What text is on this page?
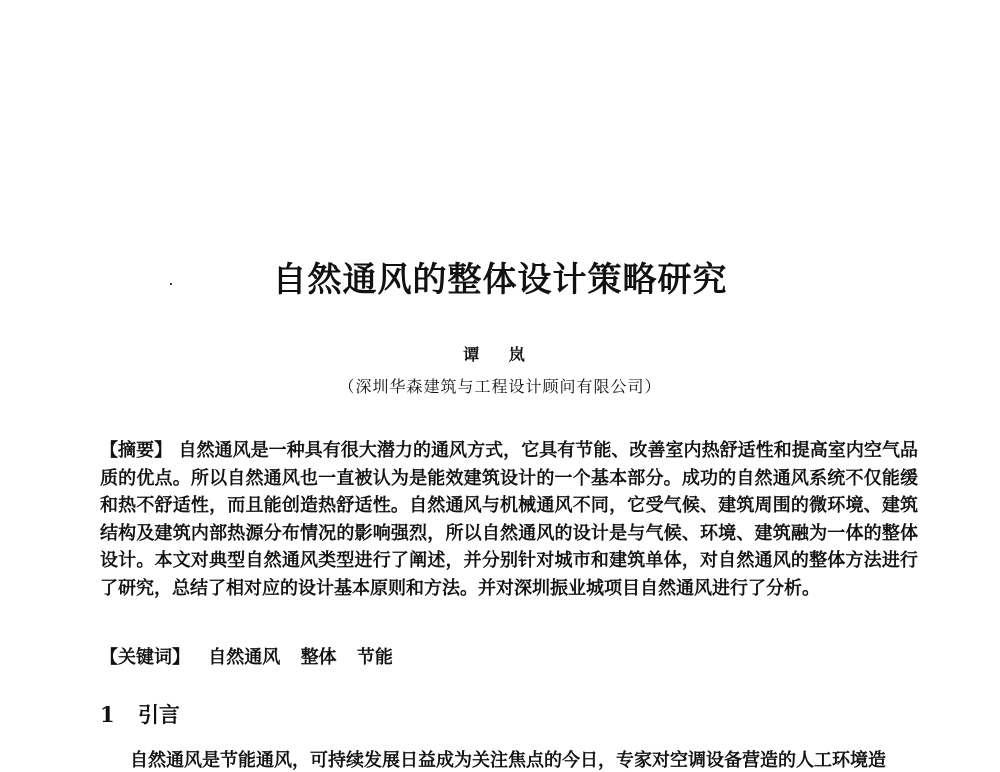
自然通风的整体设计策略研究
谭 岚
（深圳华森建筑与工程设计顾问有限公司）
【摘要】 自然通风是一种具有很大潜力的通风方式，它具有节能、改善室内热舒适性和提高室内空气品质的优点。所以自然通风也一直被认为是能效建筑设计的一个基本部分。成功的自然通风系统不仅能缓和热不舒适性，而且能创造热舒适性。自然通风与机械通风不同，它受气候、建筑周围的微环境、建筑结构及建筑内部热源分布情况的影响强烈，所以自然通风的设计是与气候、环境、建筑融为一体的整体设计。本文对典型自然通风类型进行了阐述，并分别针对城市和建筑单体，对自然通风的整体方法进行了研究，总结了相对应的设计基本原则和方法。并对深圳振业城项目自然通风进行了分析。
【关键词】 自然通风 整体 节能
1 引言
自然通风是节能通风，可持续发展日益成为关注焦点的今日，专家对空调设备营造的人工环境造
